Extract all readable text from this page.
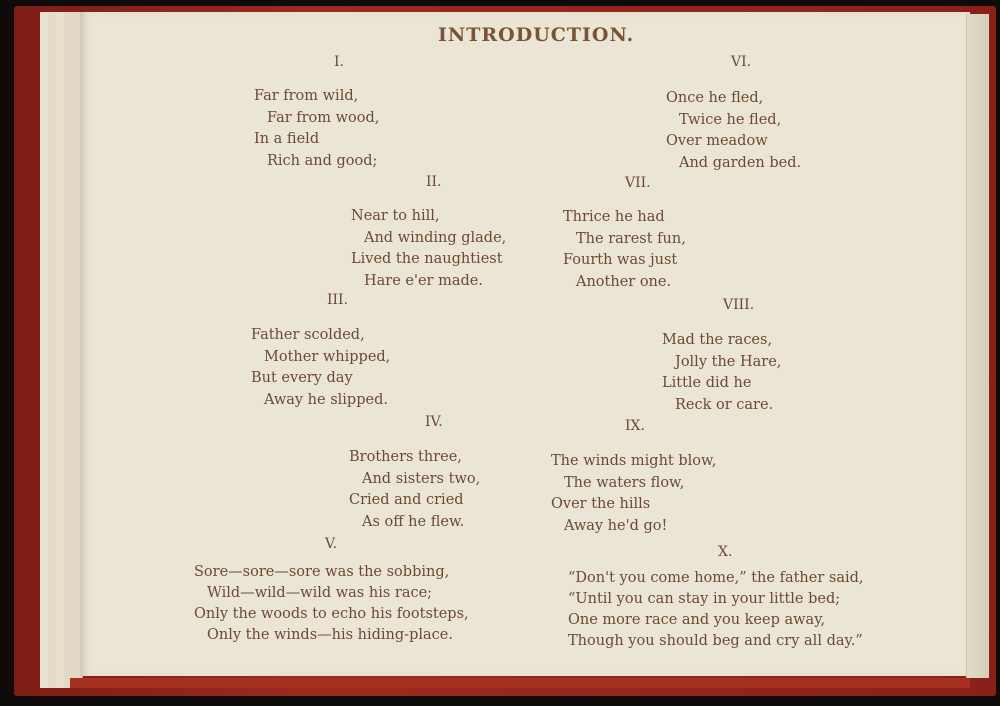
INTRODUCTION.
I.
Far from wild,
Far from wood,
In a field
Rich and good;
II.
Near to hill,
And winding glade,
Lived the naughtiest
Hare e'er made.
III.
Father scolded,
Mother whipped,
But every day
Away he slipped.
IV.
Brothers three,
And sisters two,
Cried and cried
As off he flew.
V.
Sore—sore—sore was the sobbing,
Wild—wild—wild was his race;
Only the woods to echo his footsteps,
Only the winds—his hiding-place.
VI.
Once he fled,
Twice he fled,
Over meadow
And garden bed.
VII.
Thrice he had
The rarest fun,
Fourth was just
Another one.
VIII.
Mad the races,
Jolly the Hare,
Little did he
Reck or care.
IX.
The winds might blow,
The waters flow,
Over the hills
Away he'd go!
X.
“Don't you come home,” the father said,
“Until you can stay in your little bed;
One more race and you keep away,
Though you should beg and cry all day.”
